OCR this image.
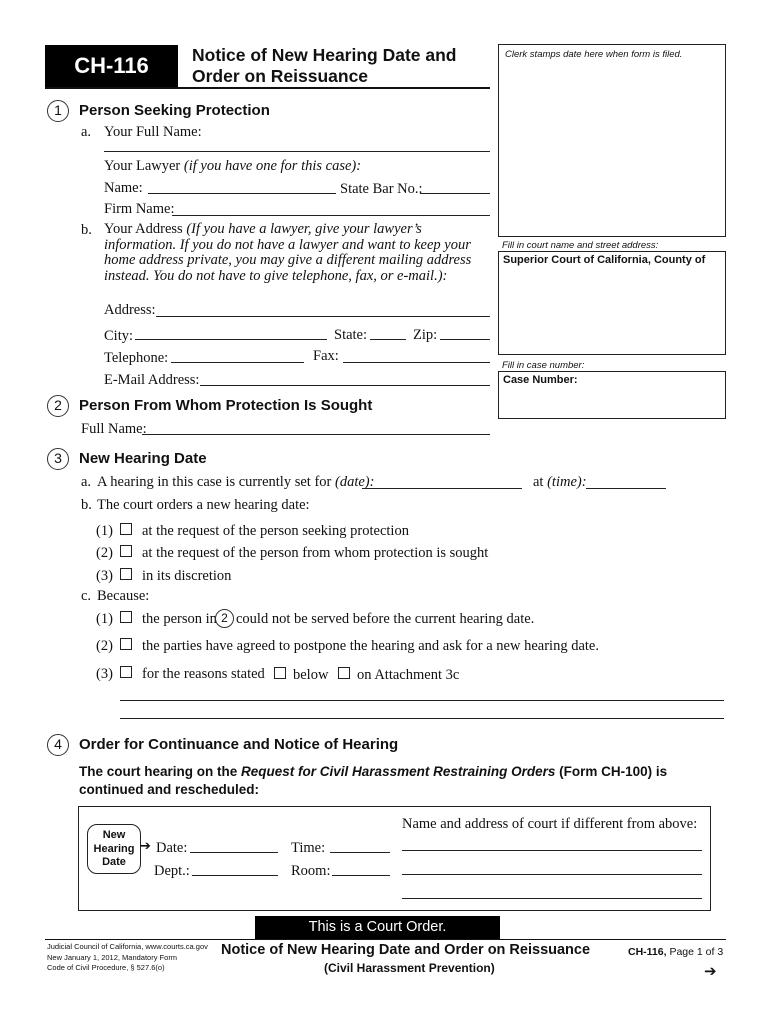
CH-116	Notice of New Hearing Date and
Order on Reissuance
Clerk stamps date here when form is filed.
Fill in court name and street address:
Superior Court of California, County of
Fill in case number:
Case Number:
1	Person Seeking Protection
a. Your Full Name:
Your Lawyer (if you have one for this case):
Name:	State Bar No.:
Firm Name:
b. Your Address (If you have a lawyer, give your lawyer’s
information. If you do not have a lawyer and want to keep your
home address private, you may give a different mailing address
instead. You do not have to give telephone, fax, or e-mail.):
Address:
City:	State:	Zip:
Telephone:	Fax:
E-Mail Address:
2	Person From Whom Protection Is Sought
Full Name:
3	New Hearing Date
a. A hearing in this case is currently set for (date):	at (time):
b. The court orders a new hearing date:
(1) at the request of the person seeking protection
(2) at the request of the person from whom protection is sought
(3) in its discretion
c. Because:
(1) the person in 2 could not be served before the current hearing date.
(2) the parties have agreed to postpone the hearing and ask for a new hearing date.
(3) for the reasons stated below on Attachment 3c
4	Order for Continuance and Notice of Hearing
The court hearing on the Request for Civil Harassment Restraining Orders (Form CH-100) is
continued and rescheduled:
New
Hearing
Date
➔ Date:	Time:
Dept.:	Room:
Name and address of court if different from above:
This is a Court Order.
Judicial Council of California, www.courts.ca.gov
New January 1, 2012, Mandatory Form
Code of Civil Procedure, § 527.6(o)
Notice of New Hearing Date and Order on Reissuance
(Civil Harassment Prevention)
CH-116, Page 1 of 3
➔
